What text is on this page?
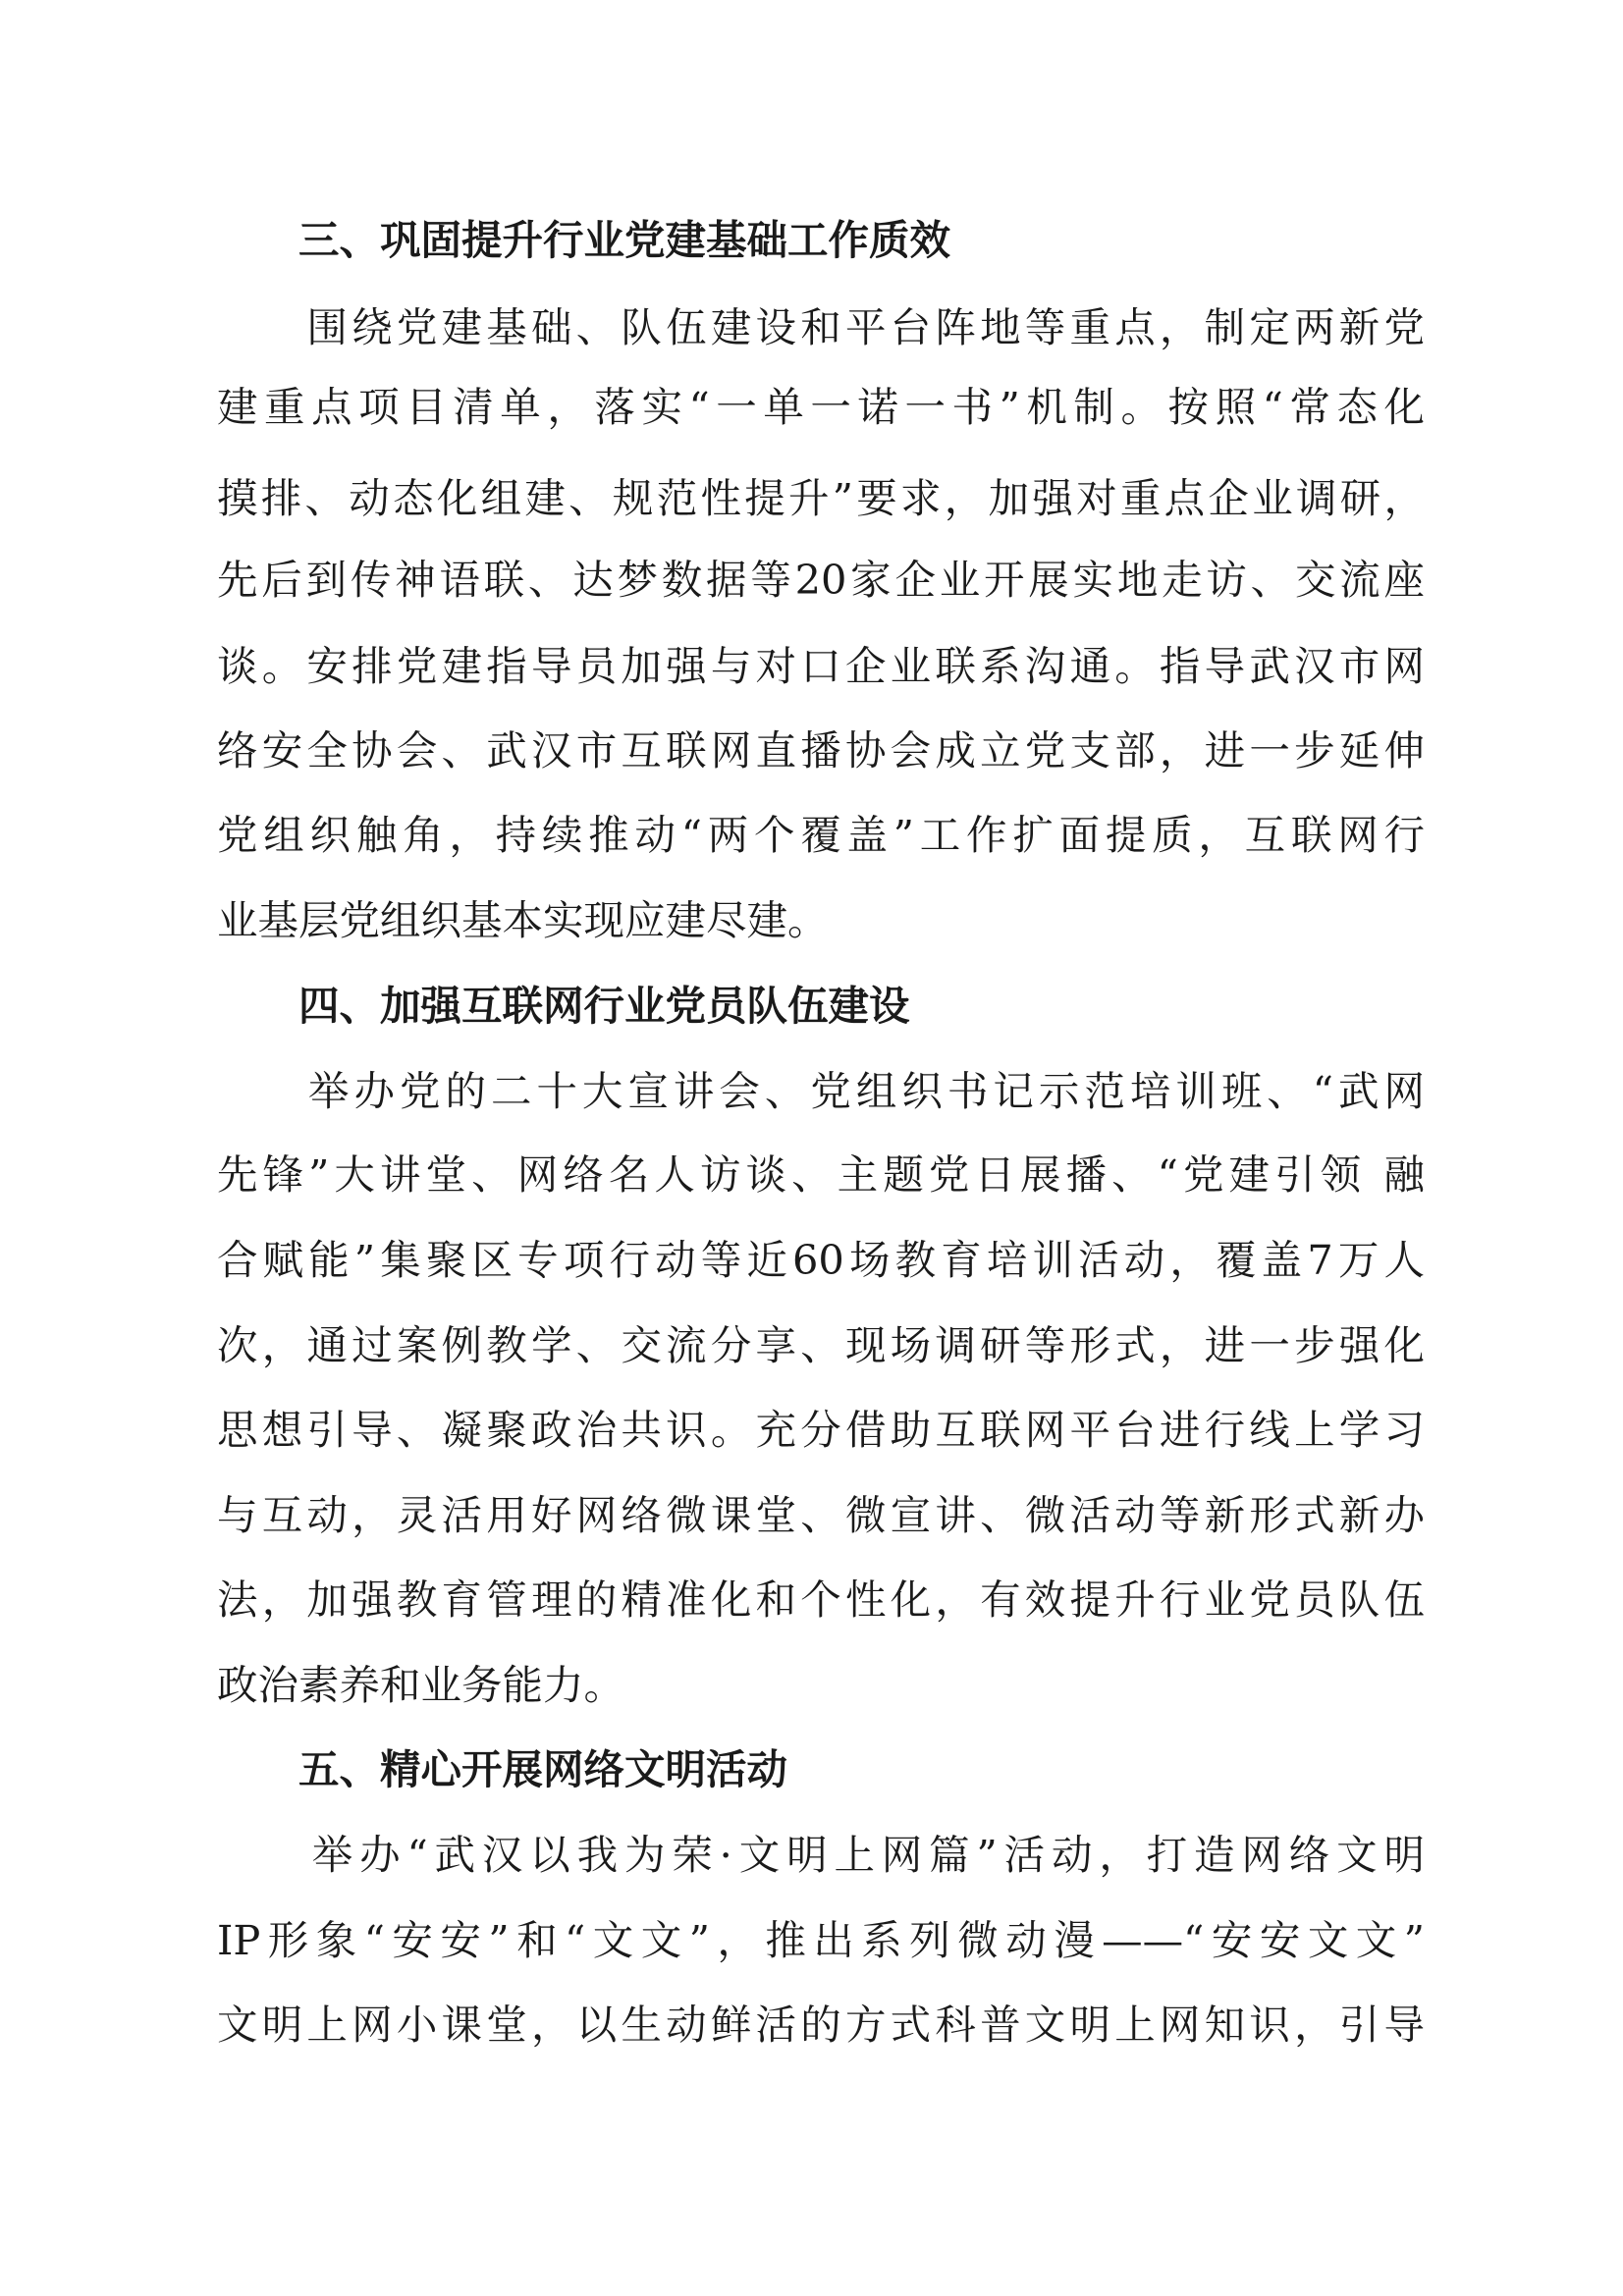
三、巩固提升行业党建基础工作质效
　　围绕党建基础、队伍建设和平台阵地等重点，制定两新党
建重点项目清单，落实“一单一诺一书”机制。按照“常态化
摸排、动态化组建、规范性提升”要求，加强对重点企业调研，
先后到传神语联、达梦数据等20家企业开展实地走访、交流座
谈。安排党建指导员加强与对口企业联系沟通。指导武汉市网
络安全协会、武汉市互联网直播协会成立党支部，进一步延伸
党组织触角，持续推动“两个覆盖”工作扩面提质，互联网行
业基层党组织基本实现应建尽建。
四、加强互联网行业党员队伍建设
　　举办党的二十大宣讲会、党组织书记示范培训班、“武网
先锋”大讲堂、网络名人访谈、主题党日展播、“党建引领 融
合赋能”集聚区专项行动等近60场教育培训活动，覆盖7万人
次，通过案例教学、交流分享、现场调研等形式，进一步强化
思想引导、凝聚政治共识。充分借助互联网平台进行线上学习
与互动，灵活用好网络微课堂、微宣讲、微活动等新形式新办
法，加强教育管理的精准化和个性化，有效提升行业党员队伍
政治素养和业务能力。
五、精心开展网络文明活动
　　举办“武汉以我为荣·文明上网篇”活动，打造网络文明
IP形象“安安”和“文文”，推出系列微动漫——“安安文文”
文明上网小课堂，以生动鲜活的方式科普文明上网知识，引导
